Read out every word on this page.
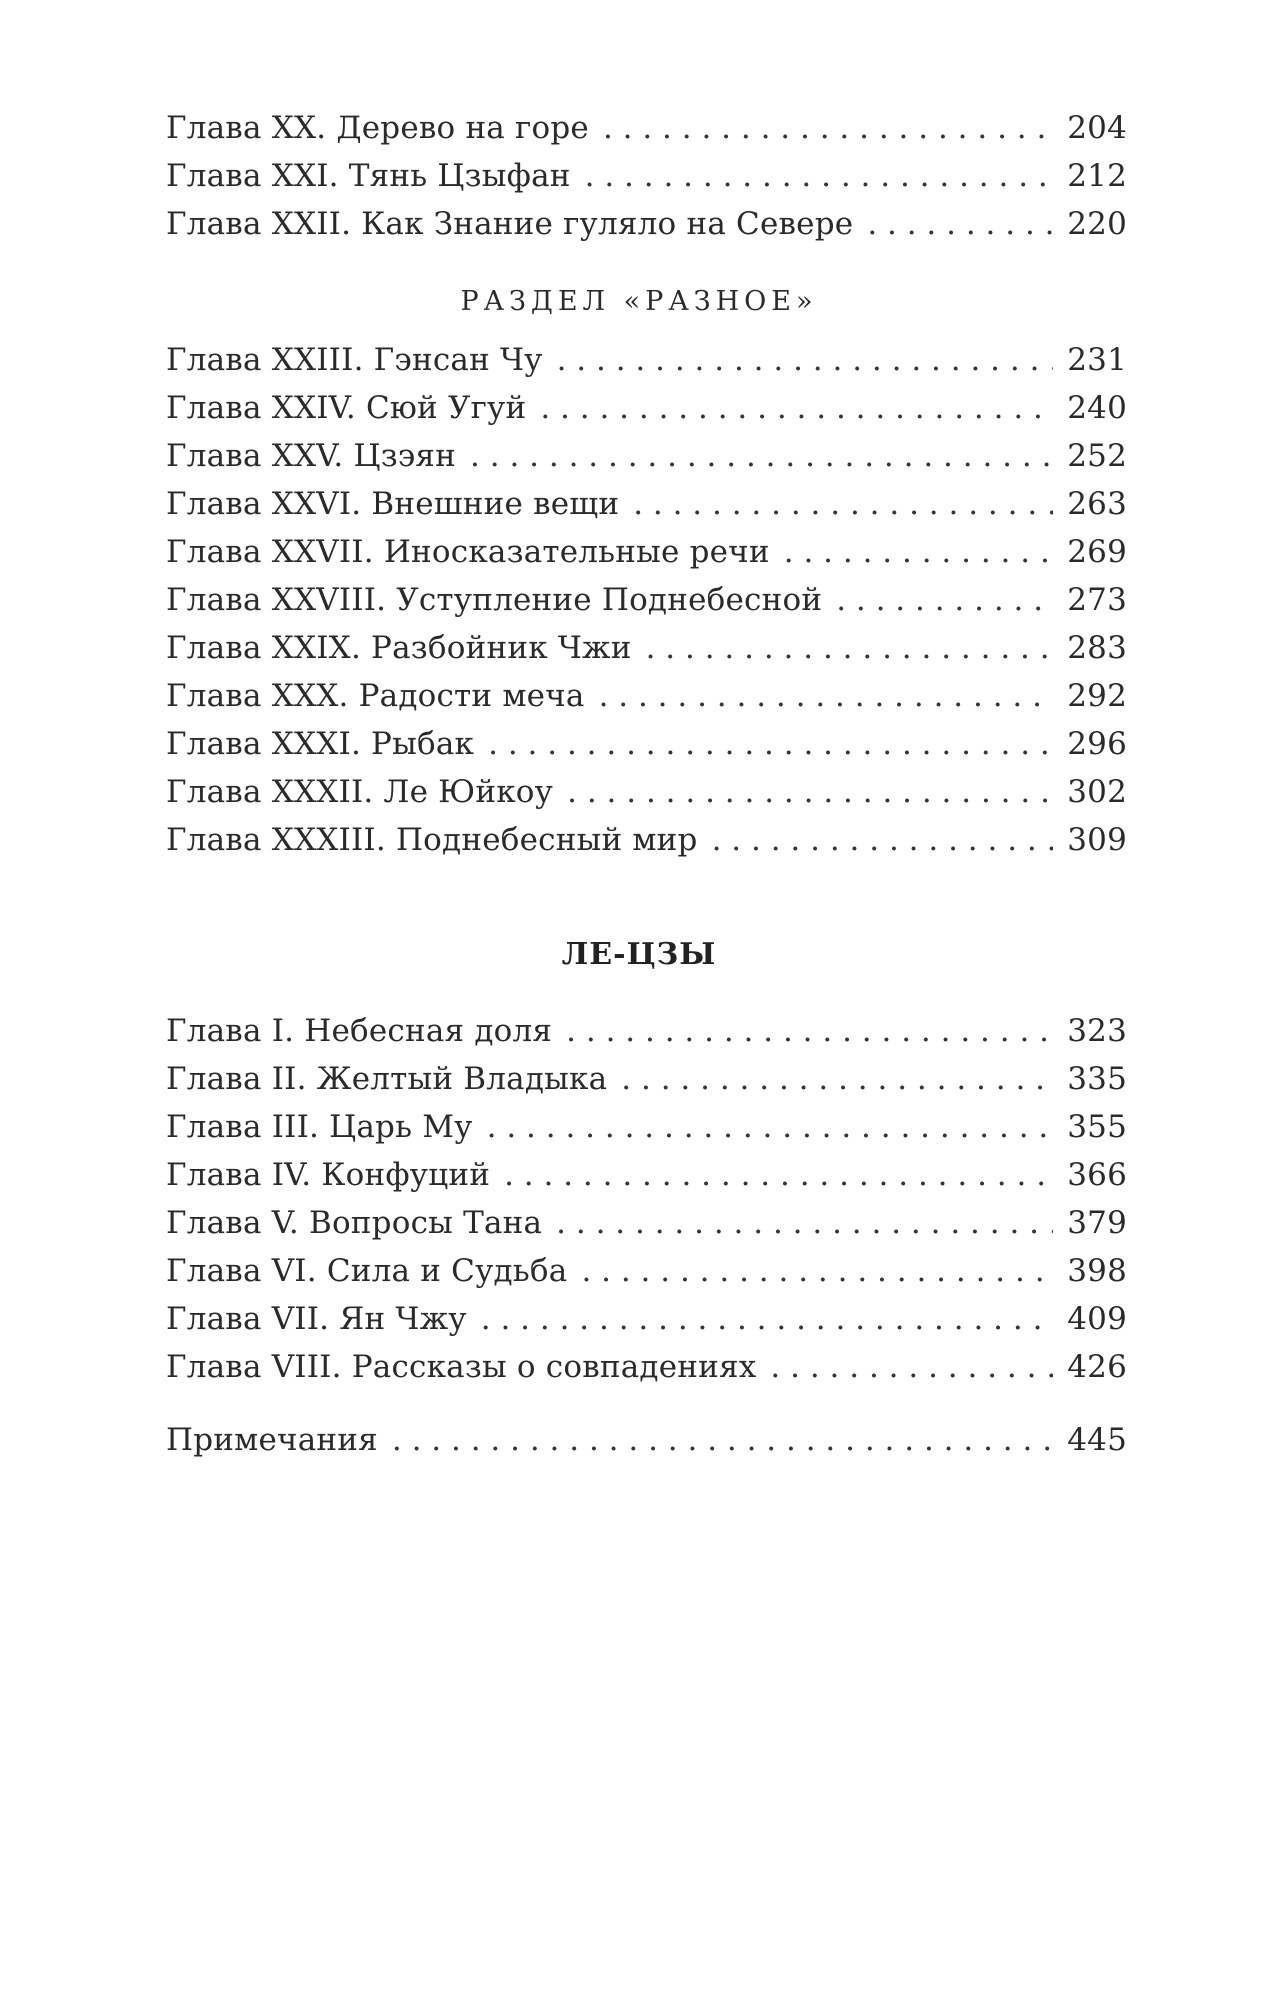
Глава XX. Дерево на горе . . .	204
Глава XXI. Тянь Цзыфан . . .	212
Глава XXII. Как Знание гуляло на Севере . . .	220
РАЗДЕЛ «РАЗНОЕ»
Глава XXIII. Гэнсан Чу . . .	231
Глава XXIV. Сюй Угуй . . .	240
Глава XXV. Цзэян . . .	252
Глава XXVI. Внешние вещи . . .	263
Глава XXVII. Иносказательные речи . . .	269
Глава XXVIII. Уступление Поднебесной . . .	273
Глава XXIX. Разбойник Чжи . . .	283
Глава XXX. Радости меча . . .	292
Глава XXXI. Рыбак . . .	296
Глава XXXII. Ле Юйкоу . . .	302
Глава XXXIII. Поднебесный мир . . .	309
ЛЕ-ЦЗЫ
Глава I. Небесная доля . . .	323
Глава II. Желтый Владыка . . .	335
Глава III. Царь Му . . .	355
Глава IV. Конфуций . . .	366
Глава V. Вопросы Тана . . .	379
Глава VI. Сила и Судьба . . .	398
Глава VII. Ян Чжу . . .	409
Глава VIII. Рассказы о совпадениях . . .	426
Примечания . . .	445
